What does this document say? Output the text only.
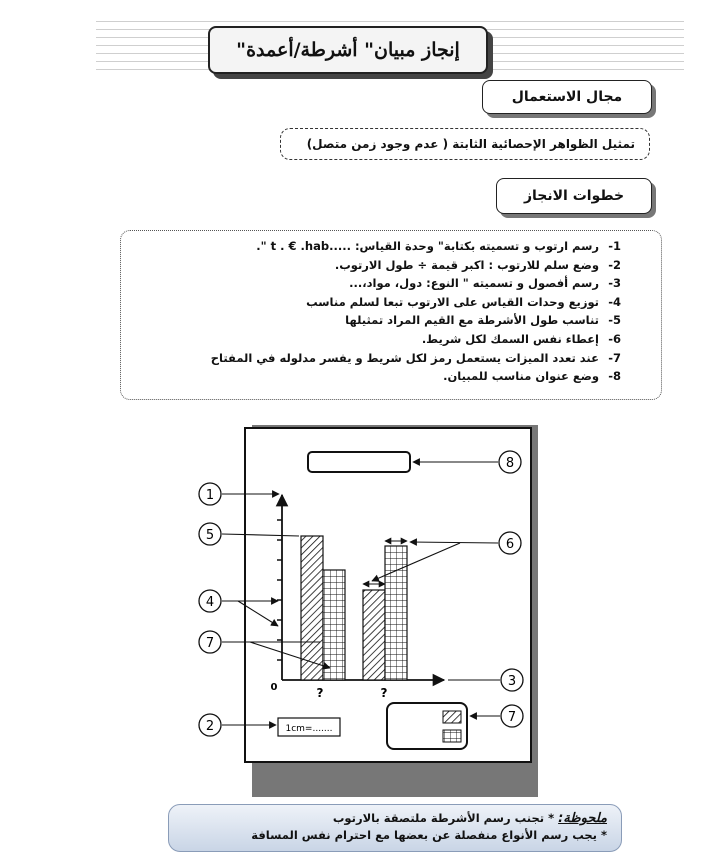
إنجاز مبيان" أشرطة/أعمدة"
مجال الاستعمال
تمثيل الظواهر الإحصائية الثابتة ( عدم وجود زمن متصل)
خطوات الانجاز
1-
رسم ارتوب و تسميته بكتابة" وحدة القياس: .....t . € .hab ".
2-
وضع سلم للارتوب : اكبر قيمة ÷ طول الارتوب.
3-
رسم أفصول و تسميته " النوع: دول، مواد،...
4-
توزيع وحدات القياس على الارتوب تبعا لسلم مناسب
5-
تناسب طول الأشرطة مع القيم المراد تمثيلها
6-
إعطاء نفس السمك لكل شريط.
7-
عند تعدد الميزات يستعمل رمز لكل شريط و يفسر مدلوله في المفتاح
8-
وضع عنوان مناسب للمبيان.
0	?	?
1cm=.......
1
5
4
7
2
8
6
3
7
ملحوظة: * تجنب رسم الأشرطة ملتصقة بالارتوب
* يجب رسم الأنواع منفصلة عن بعضها مع احترام نفس المسافة
